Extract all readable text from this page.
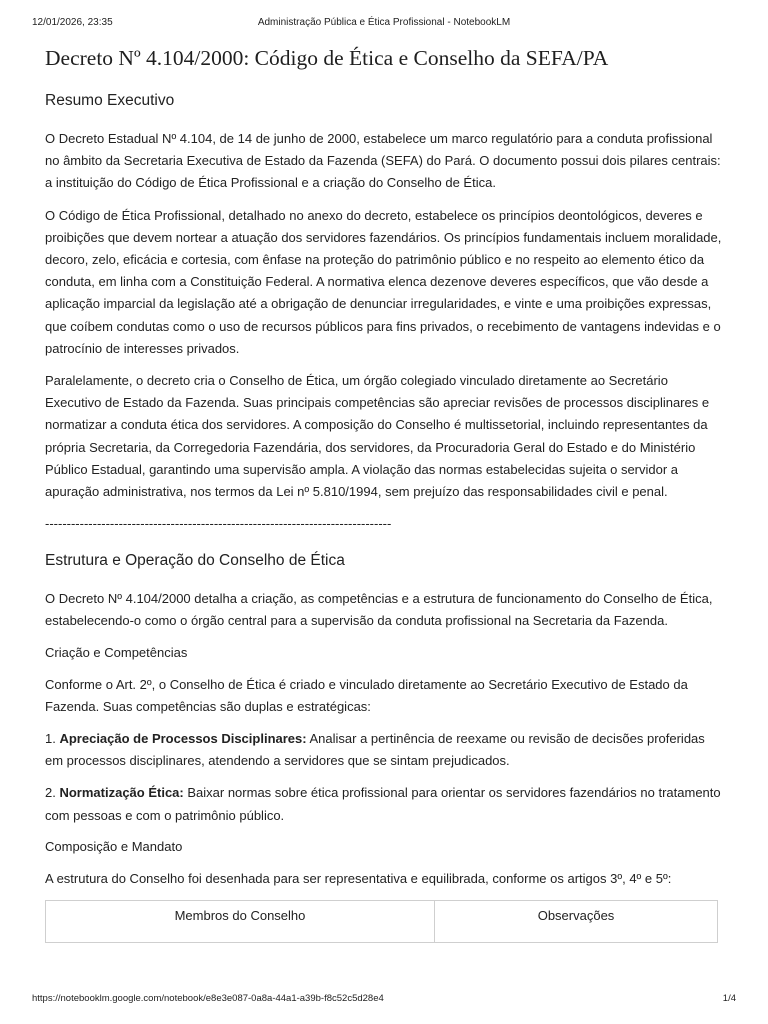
12/01/2026, 23:35	Administração Pública e Ética Profissional - NotebookLM
Decreto Nº 4.104/2000: Código de Ética e Conselho da SEFA/PA
Resumo Executivo

O Decreto Estadual Nº 4.104, de 14 de junho de 2000, estabelece um marco regulatório para a conduta profissional no âmbito da Secretaria Executiva de Estado da Fazenda (SEFA) do Pará. O documento possui dois pilares centrais: a instituição do Código de Ética Profissional e a criação do Conselho de Ética.

O Código de Ética Profissional, detalhado no anexo do decreto, estabelece os princípios deontológicos, deveres e proibições que devem nortear a atuação dos servidores fazendários. Os princípios fundamentais incluem moralidade, decoro, zelo, eficácia e cortesia, com ênfase na proteção do patrimônio público e no respeito ao elemento ético da conduta, em linha com a Constituição Federal. A normativa elenca dezenove deveres específicos, que vão desde a aplicação imparcial da legislação até a obrigação de denunciar irregularidades, e vinte e uma proibições expressas, que coíbem condutas como o uso de recursos públicos para fins privados, o recebimento de vantagens indevidas e o patrocínio de interesses privados.

Paralelamente, o decreto cria o Conselho de Ética, um órgão colegiado vinculado diretamente ao Secretário Executivo de Estado da Fazenda. Suas principais competências são apreciar revisões de processos disciplinares e normatizar a conduta ética dos servidores. A composição do Conselho é multissetorial, incluindo representantes da própria Secretaria, da Corregedoria Fazendária, dos servidores, da Procuradoria Geral do Estado e do Ministério Público Estadual, garantindo uma supervisão ampla. A violação das normas estabelecidas sujeita o servidor a apuração administrativa, nos termos da Lei nº 5.810/1994, sem prejuízo das responsabilidades civil e penal.

--------------------------------------------------------------------------------
Estrutura e Operação do Conselho de Ética

O Decreto Nº 4.104/2000 detalha a criação, as competências e a estrutura de funcionamento do Conselho de Ética, estabelecendo-o como o órgão central para a supervisão da conduta profissional na Secretaria da Fazenda.

Criação e Competências

Conforme o Art. 2º, o Conselho de Ética é criado e vinculado diretamente ao Secretário Executivo de Estado da Fazenda. Suas competências são duplas e estratégicas:

1. Apreciação de Processos Disciplinares: Analisar a pertinência de reexame ou revisão de decisões proferidas em processos disciplinares, atendendo a servidores que se sintam prejudicados.

2. Normatização Ética: Baixar normas sobre ética profissional para orientar os servidores fazendários no tratamento com pessoas e com o patrimônio público.

Composição e Mandato

A estrutura do Conselho foi desenhada para ser representativa e equilibrada, conforme os artigos 3º, 4º e 5º:

Membros do Conselho	Observações
https://notebooklm.google.com/notebook/e8e3e087-0a8a-44a1-a39b-f8c52c5d28e4	1/4
